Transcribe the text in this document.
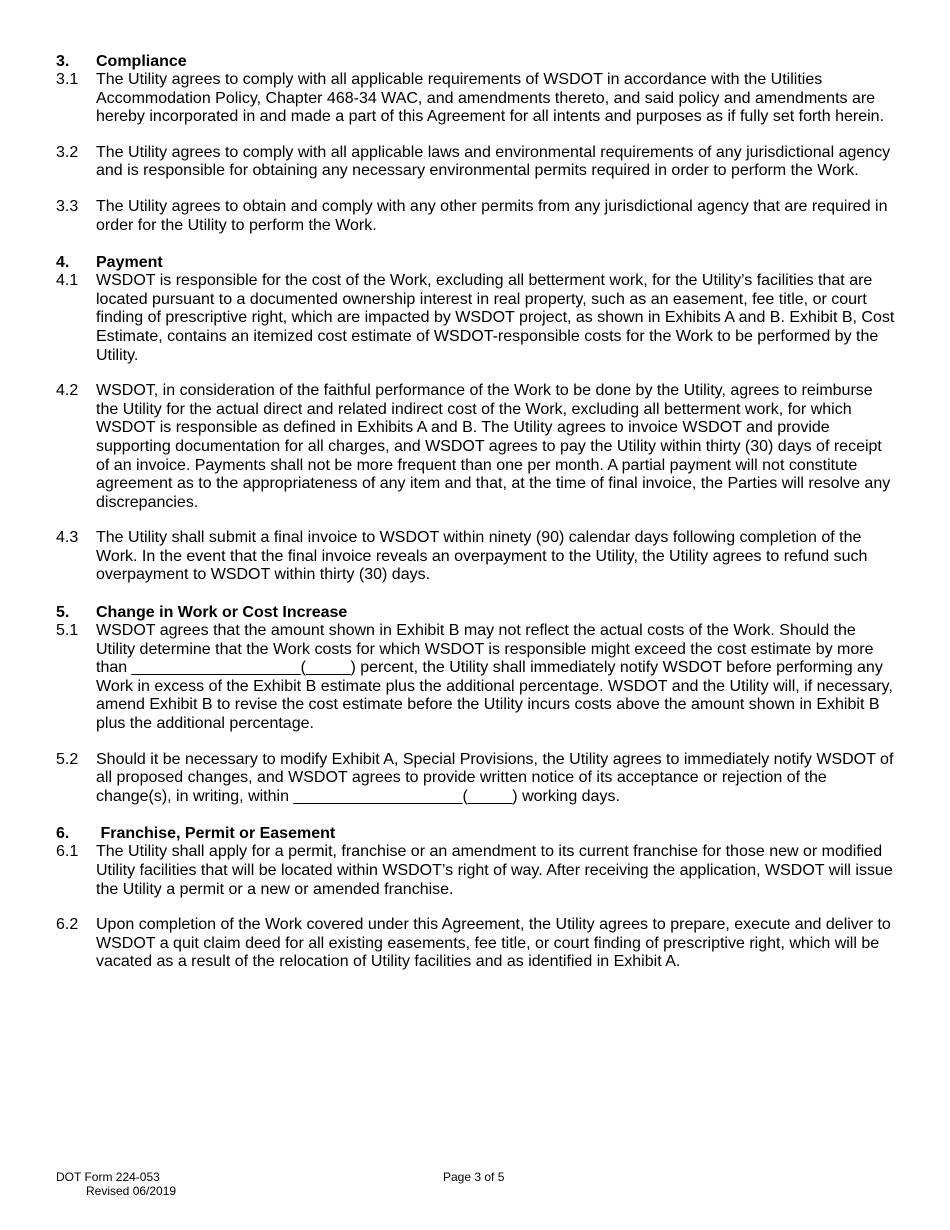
3.	Compliance
3.1	The Utility agrees to comply with all applicable requirements of WSDOT in accordance with the Utilities Accommodation Policy, Chapter 468-34 WAC, and amendments thereto, and said policy and amendments are hereby incorporated in and made a part of this Agreement for all intents and purposes as if fully set forth herein.
3.2	The Utility agrees to comply with all applicable laws and environmental requirements of any jurisdictional agency and is responsible for obtaining any necessary environmental permits required in order to perform the Work.
3.3	The Utility agrees to obtain and comply with any other permits from any jurisdictional agency that are required in order for the Utility to perform the Work.
4.	Payment
4.1	WSDOT is responsible for the cost of the Work, excluding all betterment work, for the Utility’s facilities that are located pursuant to a documented ownership interest in real property, such as an easement, fee title, or court finding of prescriptive right, which are impacted by WSDOT project, as shown in Exhibits A and B. Exhibit B, Cost Estimate, contains an itemized cost estimate of WSDOT-responsible costs for the Work to be performed by the Utility.
4.2	WSDOT, in consideration of the faithful performance of the Work to be done by the Utility, agrees to reimburse the Utility for the actual direct and related indirect cost of the Work, excluding all betterment work, for which WSDOT is responsible as defined in Exhibits A and B. The Utility agrees to invoice WSDOT and provide supporting documentation for all charges, and WSDOT agrees to pay the Utility within thirty (30) days of receipt of an invoice. Payments shall not be more frequent than one per month. A partial payment will not constitute agreement as to the appropriateness of any item and that, at the time of final invoice, the Parties will resolve any discrepancies.
4.3	The Utility shall submit a final invoice to WSDOT within ninety (90) calendar days following completion of the Work. In the event that the final invoice reveals an overpayment to the Utility, the Utility agrees to refund such overpayment to WSDOT within thirty (30) days.
5.	Change in Work or Cost Increase
5.1	WSDOT agrees that the amount shown in Exhibit B may not reflect the actual costs of the Work. Should the Utility determine that the Work costs for which WSDOT is responsible might exceed the cost estimate by more than ___________________(_____) percent, the Utility shall immediately notify WSDOT before performing any Work in excess of the Exhibit B estimate plus the additional percentage. WSDOT and the Utility will, if necessary, amend Exhibit B to revise the cost estimate before the Utility incurs costs above the amount shown in Exhibit B plus the additional percentage.
5.2	Should it be necessary to modify Exhibit A, Special Provisions, the Utility agrees to immediately notify WSDOT of all proposed changes, and WSDOT agrees to provide written notice of its acceptance or rejection of the change(s), in writing, within ___________________(_____) working days.
6.	Franchise, Permit or Easement
6.1	The Utility shall apply for a permit, franchise or an amendment to its current franchise for those new or modified Utility facilities that will be located within WSDOT’s right of way. After receiving the application, WSDOT will issue the Utility a permit or a new or amended franchise.
6.2	Upon completion of the Work covered under this Agreement, the Utility agrees to prepare, execute and deliver to WSDOT a quit claim deed for all existing easements, fee title, or court finding of prescriptive right, which will be vacated as a result of the relocation of Utility facilities and as identified in Exhibit A.
DOT Form 224-053
Revised 06/2019
Page 3 of 5
